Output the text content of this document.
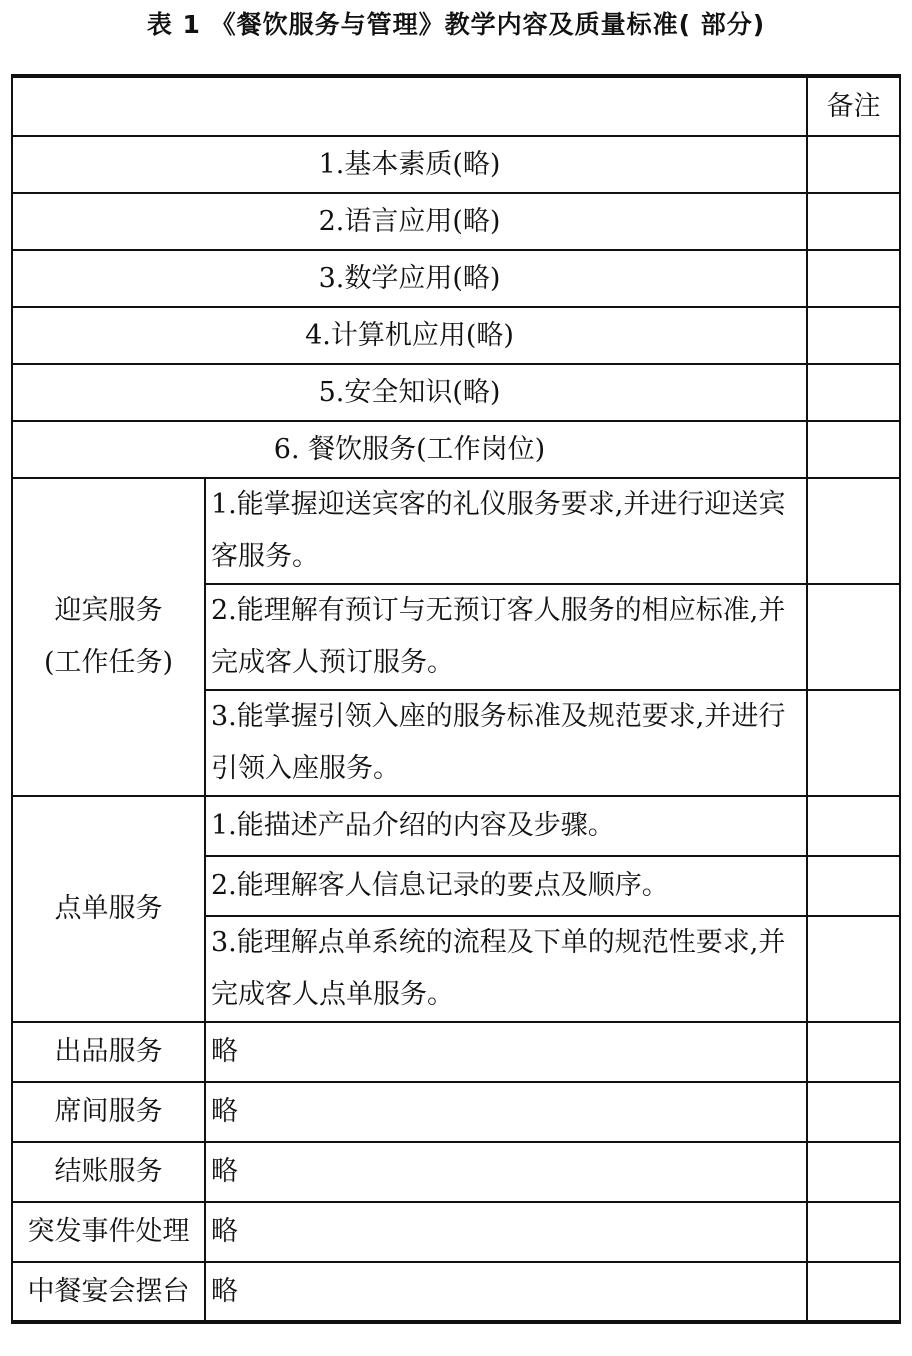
表 1 《餐饮服务与管理》教学内容及质量标准( 部分)
		备注
1.基本素质(略)		
2.语言应用(略)		
3.数学应用(略)		
4.计算机应用(略)		
5.安全知识(略)		
6. 餐饮服务(工作岗位)		

迎宾服务
(工作任务)	1.能掌握迎送宾客的礼仪服务要求,并进行迎送宾客服务。	
	2.能理解有预订与无预订客人服务的相应标准,并完成客人预订服务。	
	3.能掌握引领入座的服务标准及规范要求,并进行引领入座服务。	
点单服务	1.能描述产品介绍的内容及步骤。	
	2.能理解客人信息记录的要点及顺序。	
	3.能理解点单系统的流程及下单的规范性要求,并完成客人点单服务。	
出品服务	略	
席间服务	略	
结账服务	略	
突发事件处理	略	
中餐宴会摆台	略	
